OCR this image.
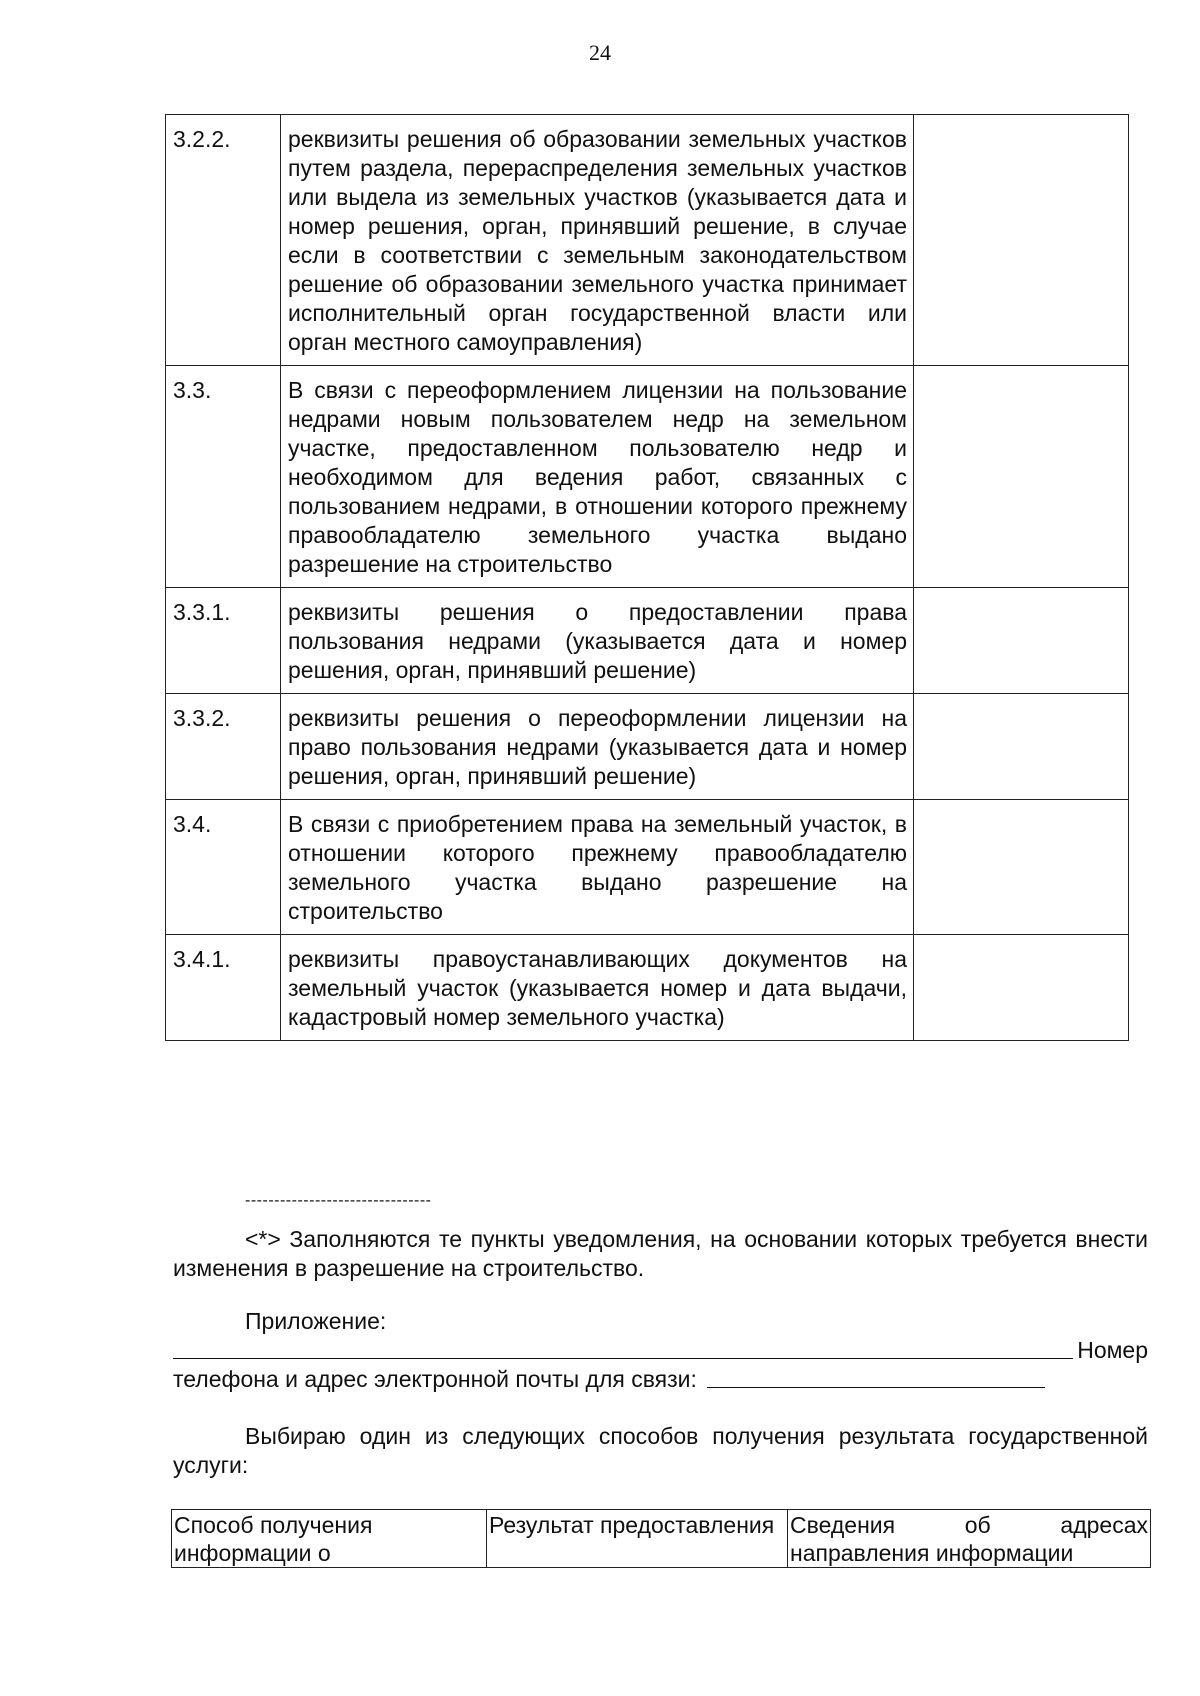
24
3.2.2.	реквизиты решения об образовании земельных участков путем раздела, перераспределения земельных участков или выдела из земельных участков (указывается дата и номер решения, орган, принявший решение, в случае если в соответствии с земельным законодательством решение об образовании земельного участка принимает исполнительный орган государственной власти или орган местного самоуправления)	
3.3.	В связи с переоформлением лицензии на пользование недрами новым пользователем недр на земельном участке, предоставленном пользователю недр и необходимом для ведения работ, связанных с пользованием недрами, в отношении которого прежнему правообладателю земельного участка выдано разрешение на строительство	
3.3.1.	реквизиты решения о предоставлении права пользования недрами (указывается дата и номер решения, орган, принявший решение)	
3.3.2.	реквизиты решения о переоформлении лицензии на право пользования недрами (указывается дата и номер решения, орган, принявший решение)	
3.4.	В связи с приобретением права на земельный участок, в отношении которого прежнему правообладателю земельного участка выдано разрешение на строительство	
3.4.1.	реквизиты правоустанавливающих документов на земельный участок (указывается номер и дата выдачи, кадастровый номер земельного участка)	
--------------------------------
<*> Заполняются те пункты уведомления, на основании которых требуется внести изменения в разрешение на строительство.
Приложение:
Номер
телефона и адрес электронной почты для связи:
Выбираю один из следующих способов получения результата государственной услуги:
Способ получения информации о	Результат предоставления	Сведения об адресах направления информации
